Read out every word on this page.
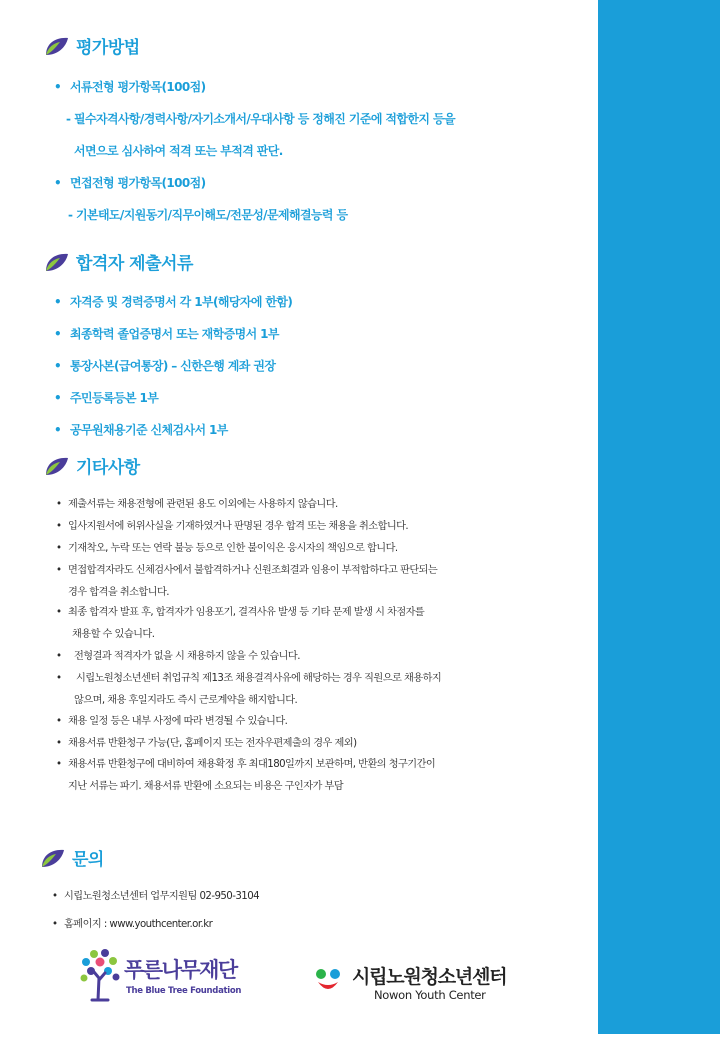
평가방법
• 서류전형 평가항목(100점)
- 필수자격사항/경력사항/자기소개서/우대사항 등 정해진 기준에 적합한지 등을
서면으로 심사하여 적격 또는 부적격 판단.
• 면접전형 평가항목(100점)
- 기본태도/지원동기/직무이해도/전문성/문제해결능력 등
합격자 제출서류
• 자격증 및 경력증명서 각 1부(해당자에 한함)
• 최종학력 졸업증명서 또는 재학증명서 1부
• 통장사본(급여통장) – 신한은행 계좌 권장
• 주민등록등본 1부
• 공무원채용기준 신체검사서 1부
기타사항
• 제출서류는 채용전형에 관련된 용도 이외에는 사용하지 않습니다.
• 입사지원서에 허위사실을 기재하였거나 판명된 경우 합격 또는 채용을 취소합니다.
• 기재착오, 누락 또는 연락 불능 등으로 인한 불이익은 응시자의 책임으로 합니다.
• 면접합격자라도 신체검사에서 불합격하거나 신원조회결과 임용이 부적합하다고 판단되는
경우 합격을 취소합니다.
• 최종 합격자 발표 후, 합격자가 임용포기, 결격사유 발생 등 기타 문제 발생 시 차점자를
채용할 수 있습니다.
• 전형결과 적격자가 없을 시 채용하지 않을 수 있습니다.
• 시립노원청소년센터 취업규칙 제13조 채용결격사유에 해당하는 경우 직원으로 채용하지
않으며, 채용 후일지라도 즉시 근로계약을 해지합니다.
• 채용 일정 등은 내부 사정에 따라 변경될 수 있습니다.
• 채용서류 반환청구 가능(단, 홈페이지 또는 전자우편제출의 경우 제외)
• 채용서류 반환청구에 대비하여 채용확정 후 최대180일까지 보관하며, 반환의 청구기간이
지난 서류는 파기. 채용서류 반환에 소요되는 비용은 구인자가 부담
문의
• 시립노원청소년센터 업무지원팀 02-950-3104
• 홈페이지 : www.youthcenter.or.kr
푸른나무재단
The Blue Tree Foundation
시립노원청소년센터
Nowon Youth Center
